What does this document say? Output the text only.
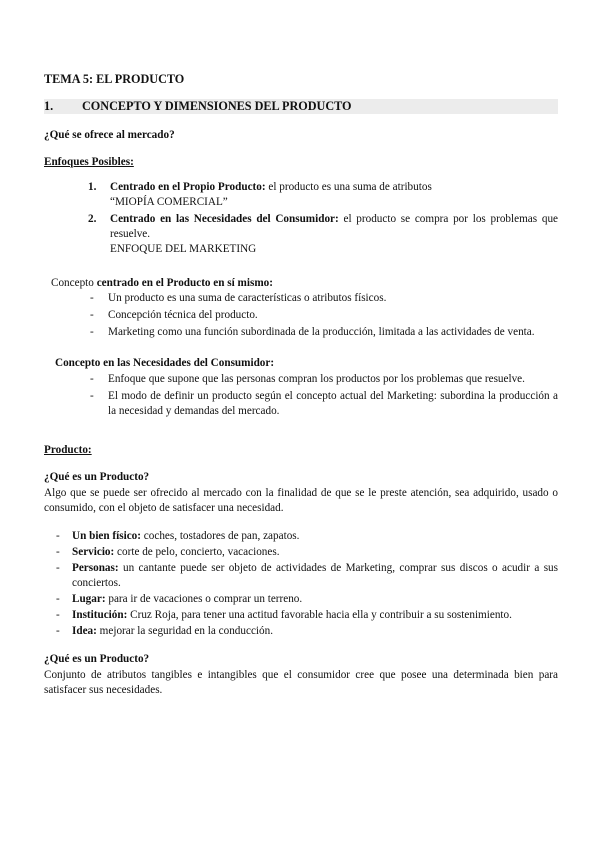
TEMA 5: EL PRODUCTO
1. CONCEPTO Y DIMENSIONES DEL PRODUCTO
¿Qué se ofrece al mercado?
Enfoques Posibles:
1. Centrado en el Propio Producto: el producto es una suma de atributos
“MIOPÍA COMERCIAL”
2. Centrado en las Necesidades del Consumidor: el producto se compra por los problemas que resuelve.
ENFOQUE DEL MARKETING
Concepto centrado en el Producto en sí mismo:
- Un producto es una suma de características o atributos físicos.
- Concepción técnica del producto.
- Marketing como una función subordinada de la producción, limitada a las actividades de venta.
Concepto en las Necesidades del Consumidor:
- Enfoque que supone que las personas compran los productos por los problemas que resuelve.
- El modo de definir un producto según el concepto actual del Marketing: subordina la producción a la necesidad y demandas del mercado.
Producto:
¿Qué es un Producto?
Algo que se puede ser ofrecido al mercado con la finalidad de que se le preste atención, sea adquirido, usado o consumido, con el objeto de satisfacer una necesidad.
- Un bien físico: coches, tostadores de pan, zapatos.
- Servicio: corte de pelo, concierto, vacaciones.
- Personas: un cantante puede ser objeto de actividades de Marketing, comprar sus discos o acudir a sus conciertos.
- Lugar: para ir de vacaciones o comprar un terreno.
- Institución: Cruz Roja, para tener una actitud favorable hacia ella y contribuir a su sostenimiento.
- Idea: mejorar la seguridad en la conducción.
¿Qué es un Producto?
Conjunto de atributos tangibles e intangibles que el consumidor cree que posee una determinada bien para satisfacer sus necesidades.
